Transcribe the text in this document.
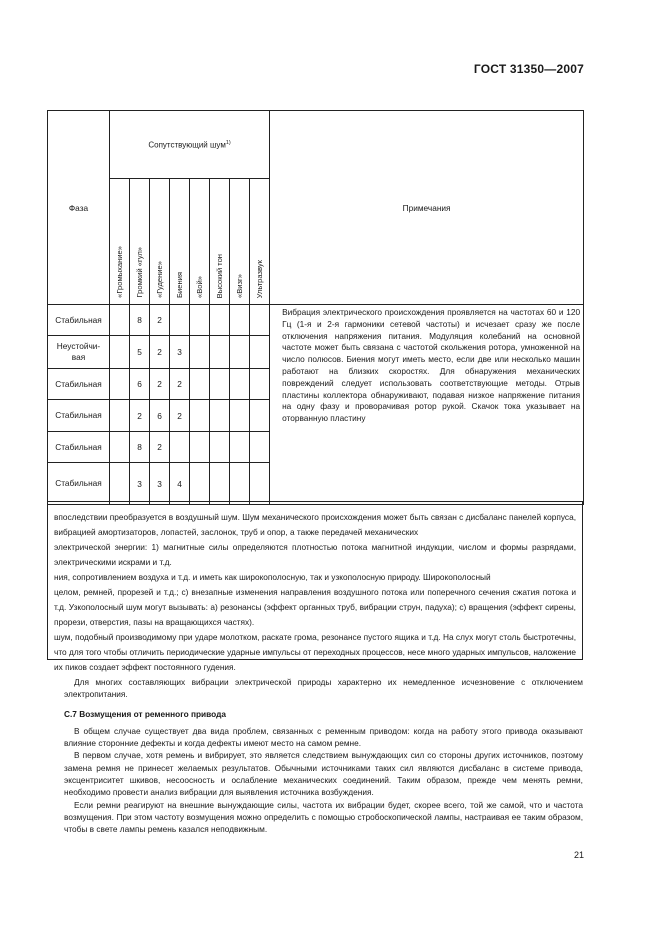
ГОСТ 31350—2007
Фаза	Сопутствующий шум$^{1)}$								Примечания

	«Громыхание»	Громкий «гул»	«Гудение»	Биения	«Вой»	Высокий тон	«Визг»	Ультразвук	

Стабильная		8	2						Вибрация электрического происхождения проявляется на частотах 60 и 120 Гц (1-я и 2-я гармоники сетевой частоты) и исчезает сразу же после отключения напряжения питания. Модуляция колебаний на основной частоте может быть связана с частотой скольжения ротора, умноженной на число полюсов. Биения могут иметь место, если две или несколько машин работают на близких скоростях. Для обнаружения механических повреждений следует использовать соответствующие методы. Отрыв пластины коллектора обнаруживают, подавая низкое напряжение питания на одну фазу и проворачивая ротор рукой. Скачок тока указывает на оторванную пластину
Неустойчи-
вая		5	2	3					
Стабильная		6	2	2					
Стабильная		2	6	2					
Стабильная		8	2						
Стабильная		3	3	4					

впоследствии преобразуется в воздушный шум. Шум механического происхождения может быть связан с дисбаланс панелей корпуса, вибрацией амортизаторов, лопастей, заслонок, труб и опор, а также передачей механических

электрической энергии: 1) магнитные силы определяются плотностью потока магнитной индукции, числом и формы разрядами, электрическими искрами и т.д.

ния, сопротивлением воздуха и т.д. и иметь как широкополосную, так и узкополосную природу. Широкополосный

целом, ремней, прорезей и т.д.; c) внезапные изменения направления воздушного потока или поперечного сечения сжатия потока и т.д. Узкополосный шум могут вызывать: a) резонансы (эффект органных труб, вибрации струн, падуха); c) вращения (эффект сирены, прорези, отверстия, пазы на вращающихся частях).

шум, подобный производимому при ударе молотком, раскате грома, резонансе пустого ящика и т.д. На слух могут столь быстротечны, что для того чтобы отличить периодические ударные импульсы от переходных процессов, несе много ударных импульсов, наложение их пиков создает эффект постоянного гудения.

Для многих составляющих вибрации электрической природы характерно их немедленное исчезновение с отключением электропитания.

С.7 Возмущения от ременного привода

В общем случае существует два вида проблем, связанных с ременным приводом: когда на работу этого привода оказывают влияние сторонние дефекты и когда дефекты имеют место на самом ремне.

В первом случае, хотя ремень и вибрирует, это является следствием вынуждающих сил со стороны других источников, поэтому замена ремня не принесет желаемых результатов. Обычными источниками таких сил являются дисбаланс в системе привода, эксцентриситет шкивов, несоосность и ослабление механических соединений. Таким образом, прежде чем менять ремни, необходимо провести анализ вибрации для выявления источника возбуждения.

Если ремни реагируют на внешние вынуждающие силы, частота их вибрации будет, скорее всего, той же самой, что и частота возмущения. При этом частоту возмущения можно определить с помощью стробоскопической лампы, настраивая ее таким образом, чтобы в свете лампы ремень казался неподвижным.

21
